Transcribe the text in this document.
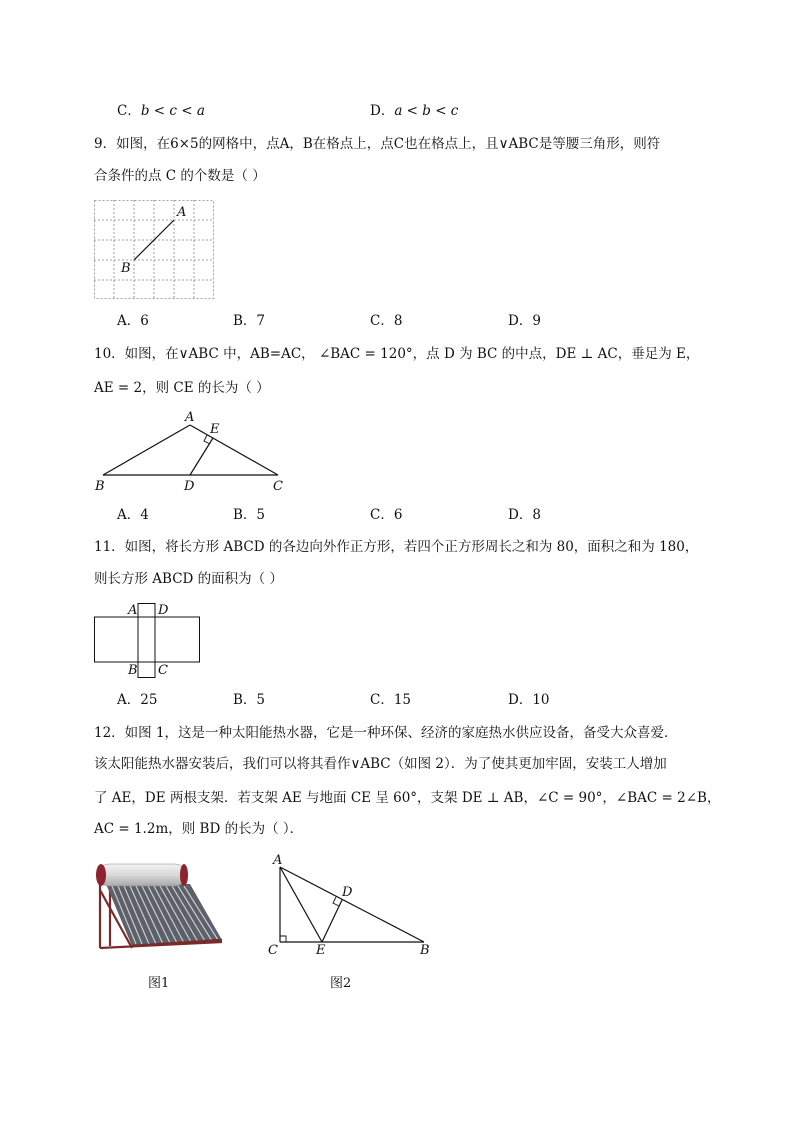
C．b < c < a	D．a < b < c
9．如图，在6×5的网格中，点A，B在格点上，点C也在格点上，且∨ABC是等腰三角形，则符
合条件的点 C 的个数是（ ）
A
B
A．6	B．7	C．8	D．9
10．如图，在∨ABC 中，AB=AC， ∠BAC = 120°，点 D 为 BC 的中点，DE ⊥ AC，垂足为 E，
AE = 2，则 CE 的长为（ ）
A
E
B	D	C
A．4	B．5	C．6	D．8
11．如图，将长方形 ABCD 的各边向外作正方形，若四个正方形周长之和为 80，面积之和为 180，
则长方形 ABCD 的面积为（ ）
A D
B C
A．25	B．5	C．15	D．10
12．如图 1，这是一种太阳能热水器，它是一种环保、经济的家庭热水供应设备，备受大众喜爱．
该太阳能热水器安装后，我们可以将其看作∨ABC（如图 2）．为了使其更加牢固，安装工人增加
了 AE，DE 两根支架．若支架 AE 与地面 CE 呈 60°，支架 DE ⊥ AB，∠C = 90°，∠BAC = 2∠B，
AC = 1.2m，则 BD 的长为（ ）．
图1
A
D
C	E	B
图2
